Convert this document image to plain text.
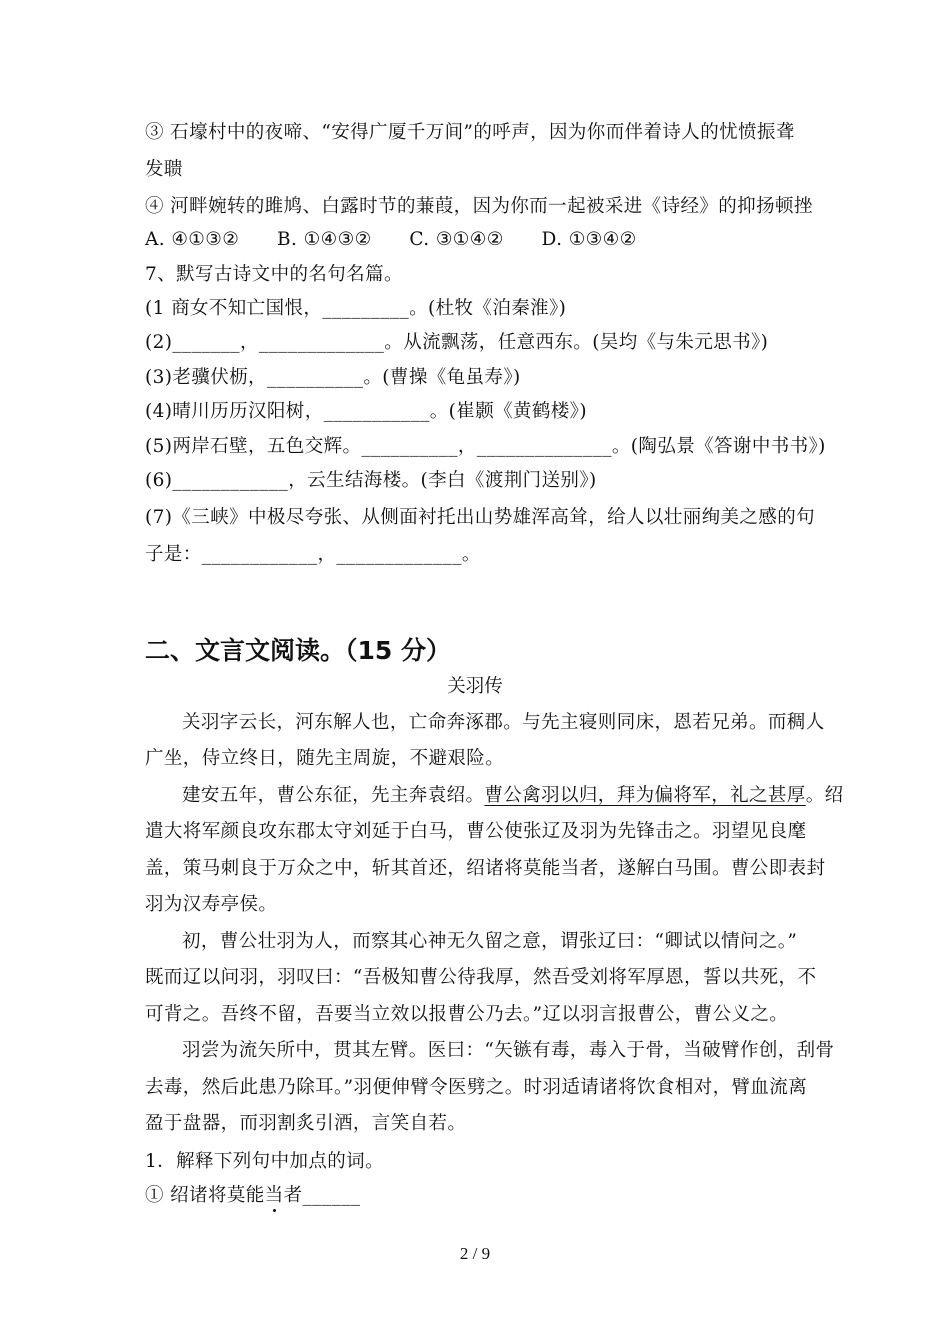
③ 石壕村中的夜啼、“安得广厦千万间”的呼声，因为你而伴着诗人的忧愤振聋
发聩
④ 河畔婉转的雎鸠、白露时节的蒹葭，因为你而一起被采进《诗经》的抑扬顿挫
A. ④①③②　　B. ①④③②　　C. ③①④②　　D. ①③④②
7、默写古诗文中的名句名篇。
(1 商女不知亡国恨，_________。(杜牧《泊秦淮》)
(2)_______，_____________。从流飘荡，任意西东。(吴均《与朱元思书》)
(3)老骥伏枥，__________。(曹操《龟虽寿》)
(4)晴川历历汉阳树，___________。(崔颢《黄鹤楼》)
(5)两岸石壁，五色交辉。__________，______________。(陶弘景《答谢中书书》)
(6)____________，云生结海楼。(李白《渡荆门送别》)
(7)《三峡》中极尽夸张、从侧面衬托出山势雄浑高耸，给人以壮丽绚美之感的句
子是：____________，_____________。
二、文言文阅读。（15 分）
关羽传
关羽字云长，河东解人也，亡命奔涿郡。与先主寝则同床，恩若兄弟。而稠人
广坐，侍立终日，随先主周旋，不避艰险。
建安五年，曹公东征，先主奔袁绍。曹公禽羽以归，拜为偏将军，礼之甚厚。绍
遣大将军颜良攻东郡太守刘延于白马，曹公使张辽及羽为先锋击之。羽望见良麾
盖，策马刺良于万众之中，斩其首还，绍诸将莫能当者，遂解白马围。曹公即表封
羽为汉寿亭侯。
初，曹公壮羽为人，而察其心神无久留之意，谓张辽曰：“卿试以情问之。”
既而辽以问羽，羽叹曰：“吾极知曹公待我厚，然吾受刘将军厚恩，誓以共死，不
可背之。吾终不留，吾要当立效以报曹公乃去。”辽以羽言报曹公，曹公义之。
羽尝为流矢所中，贯其左臂。医曰：“矢镞有毒，毒入于骨，当破臂作创，刮骨
去毒，然后此患乃除耳。”羽便伸臂令医劈之。时羽适请诸将饮食相对，臂血流离
盈于盘器，而羽割炙引酒，言笑自若。
1．解释下列句中加点的词。
① 绍诸将莫能当者______
2 / 9
